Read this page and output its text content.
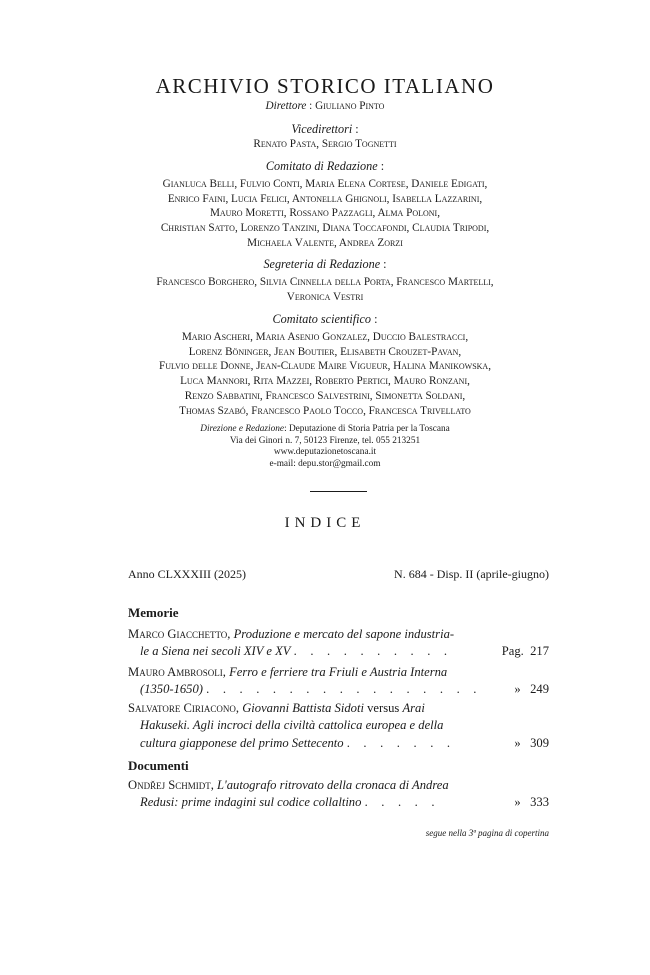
ARCHIVIO STORICO ITALIANO
Direttore : Giuliano Pinto
Vicedirettori :
Renato Pasta, Sergio Tognetti
Comitato di Redazione :
Gianluca Belli, Fulvio Conti, Maria Elena Cortese, Daniele Edigati,
Enrico Faini, Lucia Felici, Antonella Ghignoli, Isabella Lazzarini,
Mauro Moretti, Rossano Pazzagli, Alma Poloni,
Christian Satto, Lorenzo Tanzini, Diana Toccafondi, Claudia Tripodi,
Michaela Valente, Andrea Zorzi
Segreteria di Redazione :
Francesco Borghero, Silvia Cinnella della Porta, Francesco Martelli,
Veronica Vestri
Comitato scientifico :
Mario Ascheri, Maria Asenjo Gonzalez, Duccio Balestracci,
Lorenz Böninger, Jean Boutier, Elisabeth Crouzet-Pavan,
Fulvio delle Donne, Jean-Claude Maire Vigueur, Halina Manikowska,
Luca Mannori, Rita Mazzei, Roberto Pertici, Mauro Ronzani,
Renzo Sabbatini, Francesco Salvestrini, Simonetta Soldani,
Thomas Szabó, Francesco Paolo Tocco, Francesca Trivellato
Direzione e Redazione: Deputazione di Storia Patria per la Toscana
Via dei Ginori n. 7, 50123 Firenze, tel. 055 213251
www.deputazionetoscana.it
e-mail: depu.stor@gmail.com
INDICE
Anno CLXXXIII (2025)	N. 684 - Disp. II (aprile-giugno)
Memorie
Marco Giacchetto, Produzione e mercato del sapone industria-
le a Siena nei secoli XIV e XV . . . . . . . . . .	Pag. 217
Mauro Ambrosoli, Ferro e ferriere tra Friuli e Austria Interna
(1350-1650) . . . . . . . . . . . . . . . . .	» 249
Salvatore Ciriacono, Giovanni Battista Sidoti versus Arai
Hakuseki. Agli incroci della civiltà cattolica europea e della
cultura giapponese del primo Settecento . . . . . . .	» 309
Documenti
Ondřej Schmidt, L'autografo ritrovato della cronaca di Andrea
Redusi: prime indagini sul codice collaltino . . . . .	» 333
segue nella 3ª pagina di copertina
